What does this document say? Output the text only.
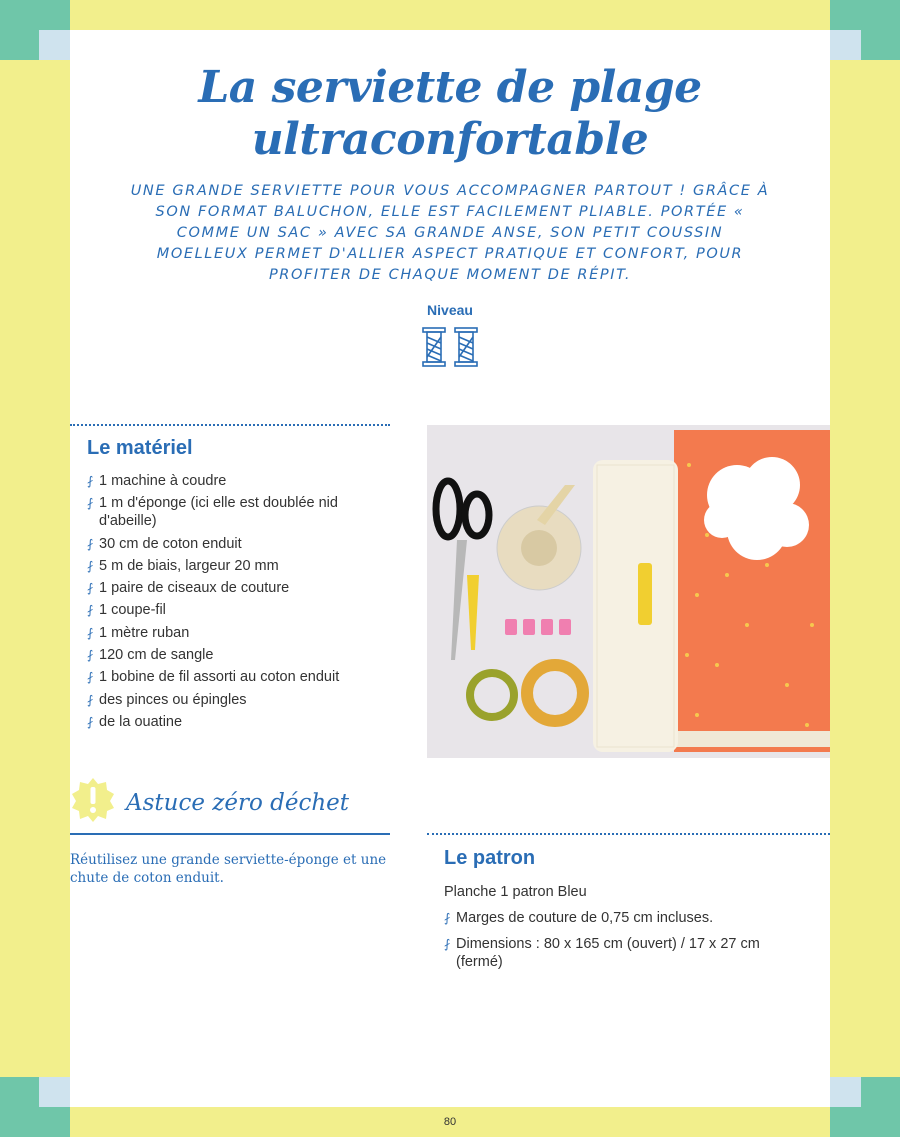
La serviette de plage ultraconfortable

UNE GRANDE SERVIETTE POUR VOUS ACCOMPAGNER PARTOUT ! GRÂCE À SON FORMAT BALUCHON, ELLE EST FACILEMENT PLIABLE. PORTÉE « COMME UN SAC » AVEC SA GRANDE ANSE, SON PETIT COUSSIN MOELLEUX PERMET D'ALLIER ASPECT PRATIQUE ET CONFORT, POUR PROFITER DE CHAQUE MOMENT DE RÉPIT.

Niveau
Le matériel
⨏ 1 machine à coudre
⨏ 1 m d'éponge (ici elle est doublée nid d'abeille)
⨏ 30 cm de coton enduit
⨏ 5 m de biais, largeur 20 mm
⨏ 1 paire de ciseaux de couture
⨏ 1 coupe-fil
⨏ 1 mètre ruban
⨏ 120 cm de sangle
⨏ 1 bobine de fil assorti au coton enduit
⨏ des pinces ou épingles
⨏ de la ouatine
Astuce zéro déchet

Réutilisez une grande serviette-éponge et une chute de coton enduit.

Le patron
Planche 1 patron Bleu
⨏ Marges de couture de 0,75 cm incluses.
⨏ Dimensions : 80 x 165 cm (ouvert) / 17 x 27 cm (fermé)
80
